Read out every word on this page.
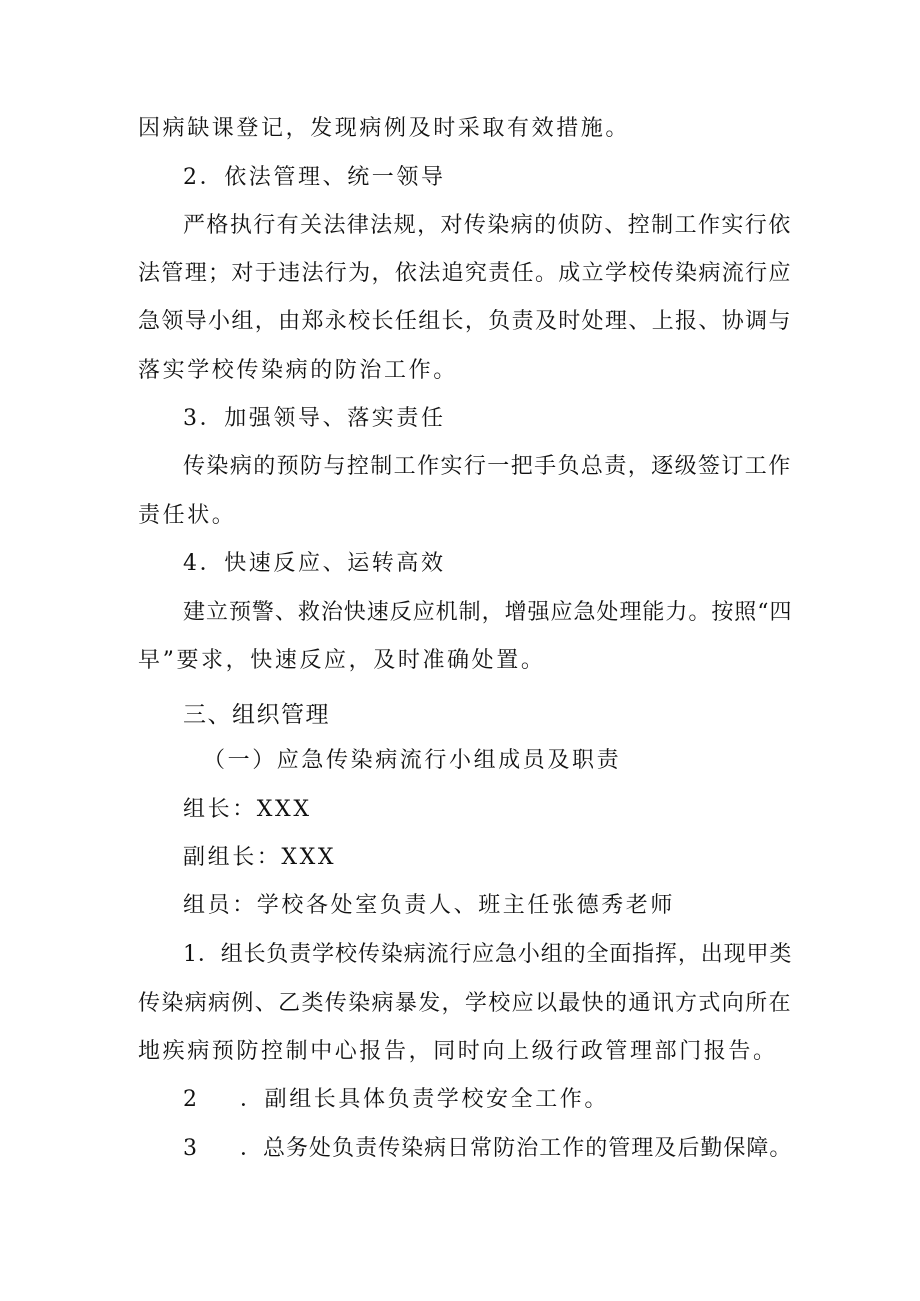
因病缺课登记，发现病例及时采取有效措施。
2．依法管理、统一领导
严格执行有关法律法规，对传染病的侦防、控制工作实行依
法管理；对于违法行为，依法追究责任。成立学校传染病流行应
急领导小组，由郑永校长任组长，负责及时处理、上报、协调与
落实学校传染病的防治工作。
3．加强领导、落实责任
传染病的预防与控制工作实行一把手负总责，逐级签订工作
责任状。
4．快速反应、运转高效
建立预警、救治快速反应机制，增强应急处理能力。按照“四
早”要求，快速反应，及时准确处置。
三、组织管理
（一）应急传染病流行小组成员及职责
组长：XXX
副组长：XXX
组员：学校各处室负责人、班主任张德秀老师
1．组长负责学校传染病流行应急小组的全面指挥，出现甲类
传染病病例、乙类传染病暴发，学校应以最快的通讯方式向所在
地疾病预防控制中心报告，同时向上级行政管理部门报告。
2 ．副组长具体负责学校安全工作。
3 ．总务处负责传染病日常防治工作的管理及后勤保障。
